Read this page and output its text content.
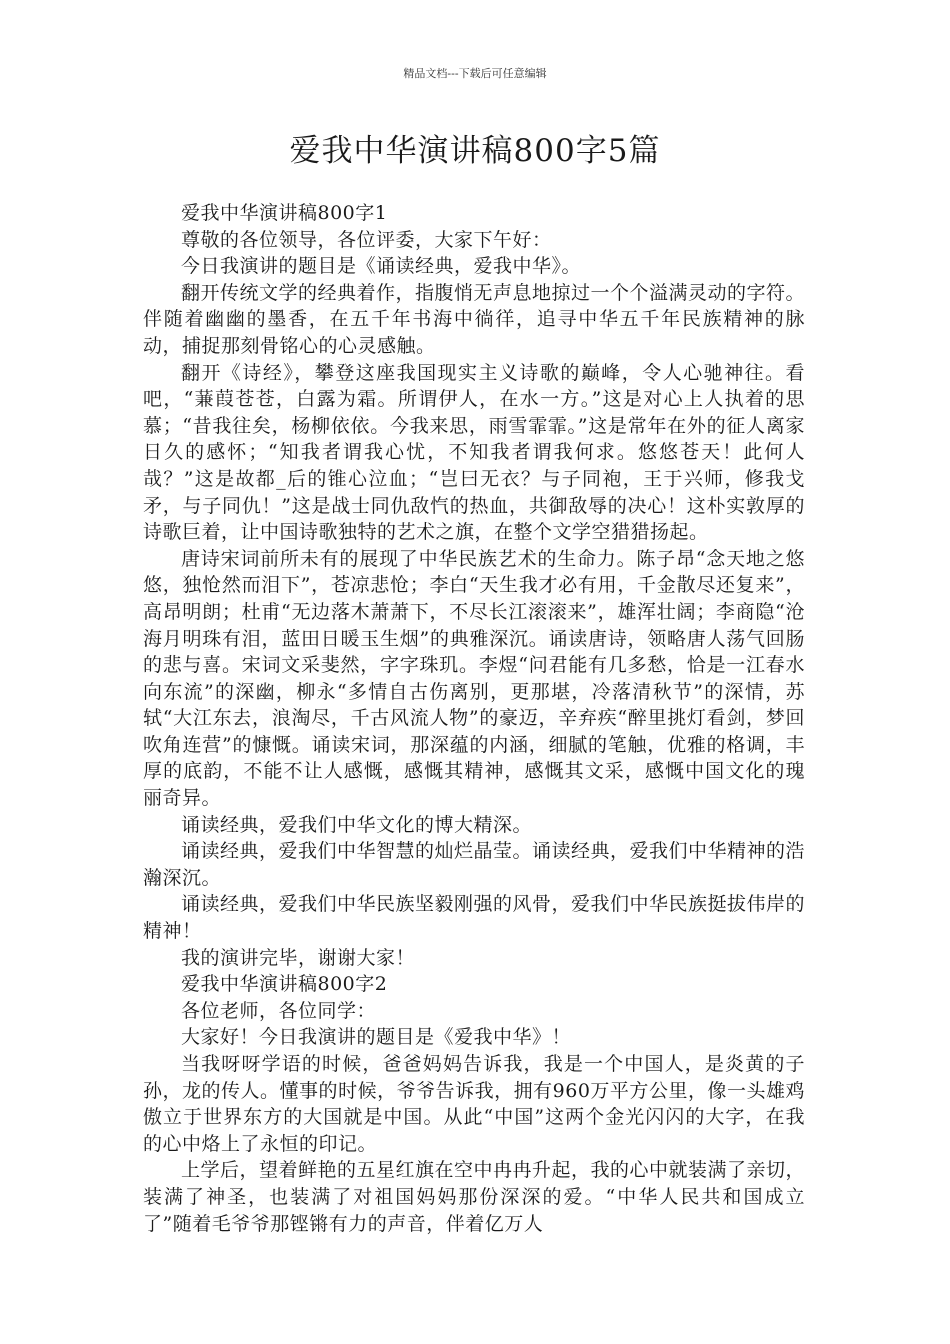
精品文档---下载后可任意编辑
爱我中华演讲稿800字5篇

爱我中华演讲稿800字1

尊敬的各位领导，各位评委，大家下午好：

今日我演讲的题目是《诵读经典，爱我中华》。

翻开传统文学的经典着作，指腹悄无声息地掠过一个个溢满灵动的字符。伴随着幽幽的墨香，在五千年书海中徜徉，追寻中华五千年民族精神的脉动，捕捉那刻骨铭心的心灵感触。

翻开《诗经》，攀登这座我国现实主义诗歌的巅峰，令人心驰神往。看吧，“蒹葭苍苍，白露为霜。所谓伊人，在水一方。”这是对心上人执着的思慕；“昔我往矣，杨柳依依。今我来思，雨雪霏霏。”这是常年在外的征人离家日久的感怀；“知我者谓我心忧，不知我者谓我何求。悠悠苍天！此何人哉？”这是故都_后的锥心泣血；“岂曰无衣？与子同袍，王于兴师，修我戈矛，与子同仇！”这是战士同仇敌忾的热血，共御敌辱的决心！这朴实敦厚的诗歌巨着，让中国诗歌独特的艺术之旗，在整个文学空猎猎扬起。

唐诗宋词前所未有的展现了中华民族艺术的生命力。陈子昂“念天地之悠悠，独怆然而泪下”，苍凉悲怆；李白“天生我才必有用，千金散尽还复来”，高昂明朗；杜甫“无边落木萧萧下，不尽长江滚滚来”，雄浑壮阔；李商隐“沧海月明珠有泪，蓝田日暖玉生烟”的典雅深沉。诵读唐诗，领略唐人荡气回肠的悲与喜。宋词文采斐然，字字珠玑。李煜“问君能有几多愁，恰是一江春水向东流”的深幽，柳永“多情自古伤离别，更那堪，冷落清秋节”的深情，苏轼“大江东去，浪淘尽，千古风流人物”的豪迈，辛弃疾“醉里挑灯看剑，梦回吹角连营”的慷慨。诵读宋词，那深蕴的内涵，细腻的笔触，优雅的格调，丰厚的底韵，不能不让人感慨，感慨其精神，感慨其文采，感慨中国文化的瑰丽奇异。

诵读经典，爱我们中华文化的博大精深。

诵读经典，爱我们中华智慧的灿烂晶莹。诵读经典，爱我们中华精神的浩瀚深沉。

诵读经典，爱我们中华民族坚毅刚强的风骨，爱我们中华民族挺拔伟岸的精神！

我的演讲完毕，谢谢大家！

爱我中华演讲稿800字2

各位老师，各位同学：

大家好！今日我演讲的题目是《爱我中华》！

当我呀呀学语的时候，爸爸妈妈告诉我，我是一个中国人，是炎黄的子孙，龙的传人。懂事的时候，爷爷告诉我，拥有960万平方公里，像一头雄鸡傲立于世界东方的大国就是中国。从此“中国”这两个金光闪闪的大字，在我的心中烙上了永恒的印记。

上学后，望着鲜艳的五星红旗在空中冉冉升起，我的心中就装满了亲切，装满了神圣，也装满了对祖国妈妈那份深深的爱。“中华人民共和国成立了”随着毛爷爷那铿锵有力的声音，伴着亿万人
